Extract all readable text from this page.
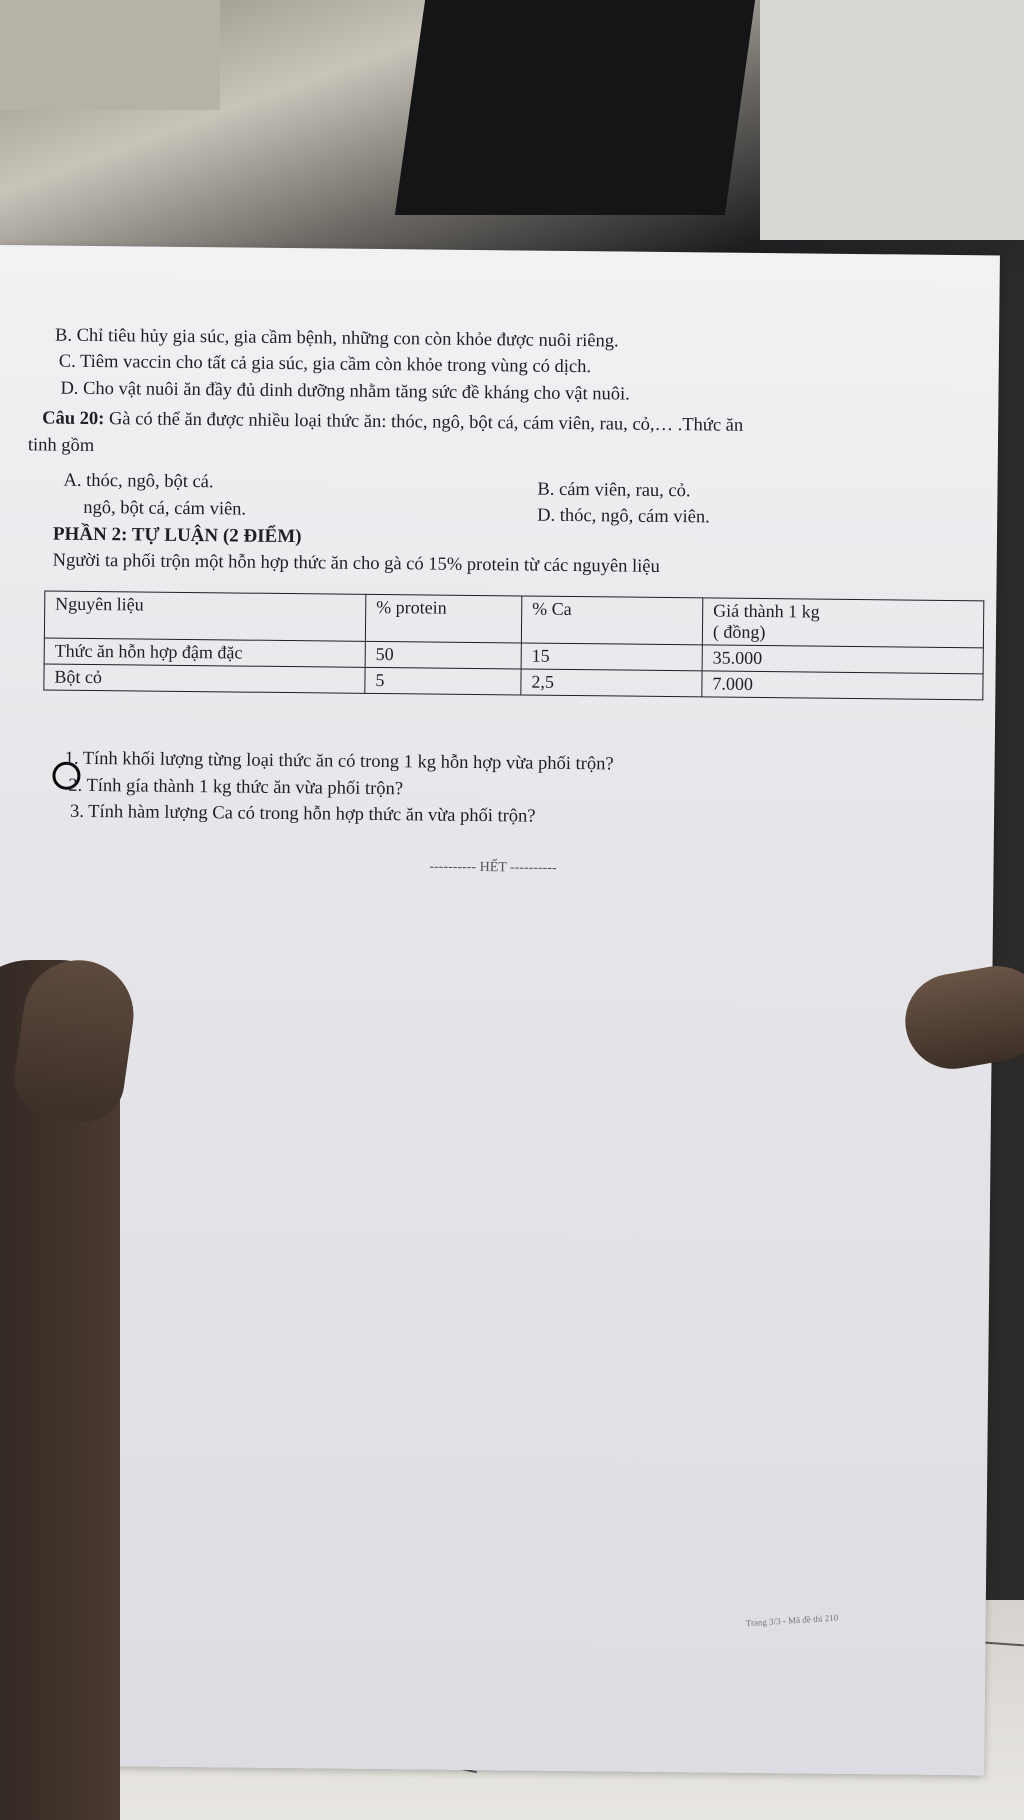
B. Chỉ tiêu hủy gia súc, gia cầm bệnh, những con còn khỏe được nuôi riêng.
C. Tiêm vaccin cho tất cả gia súc, gia cầm còn khỏe trong vùng có dịch.
D. Cho vật nuôi ăn đầy đủ dinh dưỡng nhằm tăng sức đề kháng cho vật nuôi.
Câu 20: Gà có thể ăn được nhiều loại thức ăn: thóc, ngô, bột cá, cám viên, rau, cỏ,… .Thức ăn
tinh gồm
A. thóc, ngô, bột cá.	B. cám viên, rau, cỏ.
ngô, bột cá, cám viên.	D. thóc, ngô, cám viên.
PHẦN 2: TỰ LUẬN (2 ĐIỂM)
Người ta phối trộn một hỗn hợp thức ăn cho gà có 15% protein từ các nguyên liệu
Nguyên liệu	% protein	% Ca	Giá thành 1 kg
( đồng)

Thức ăn hỗn hợp đậm đặc	50	15	35.000
Bột cỏ	5	2,5	7.000
1. Tính khối lượng từng loại thức ăn có trong 1 kg hỗn hợp vừa phối trộn?
2. Tính gía thành 1 kg thức ăn vừa phối trộn?
3. Tính hàm lượng Ca có trong hỗn hợp thức ăn vừa phối trộn?
---------- HẾT ----------
Trang 3/3 - Mã đề thi 210
